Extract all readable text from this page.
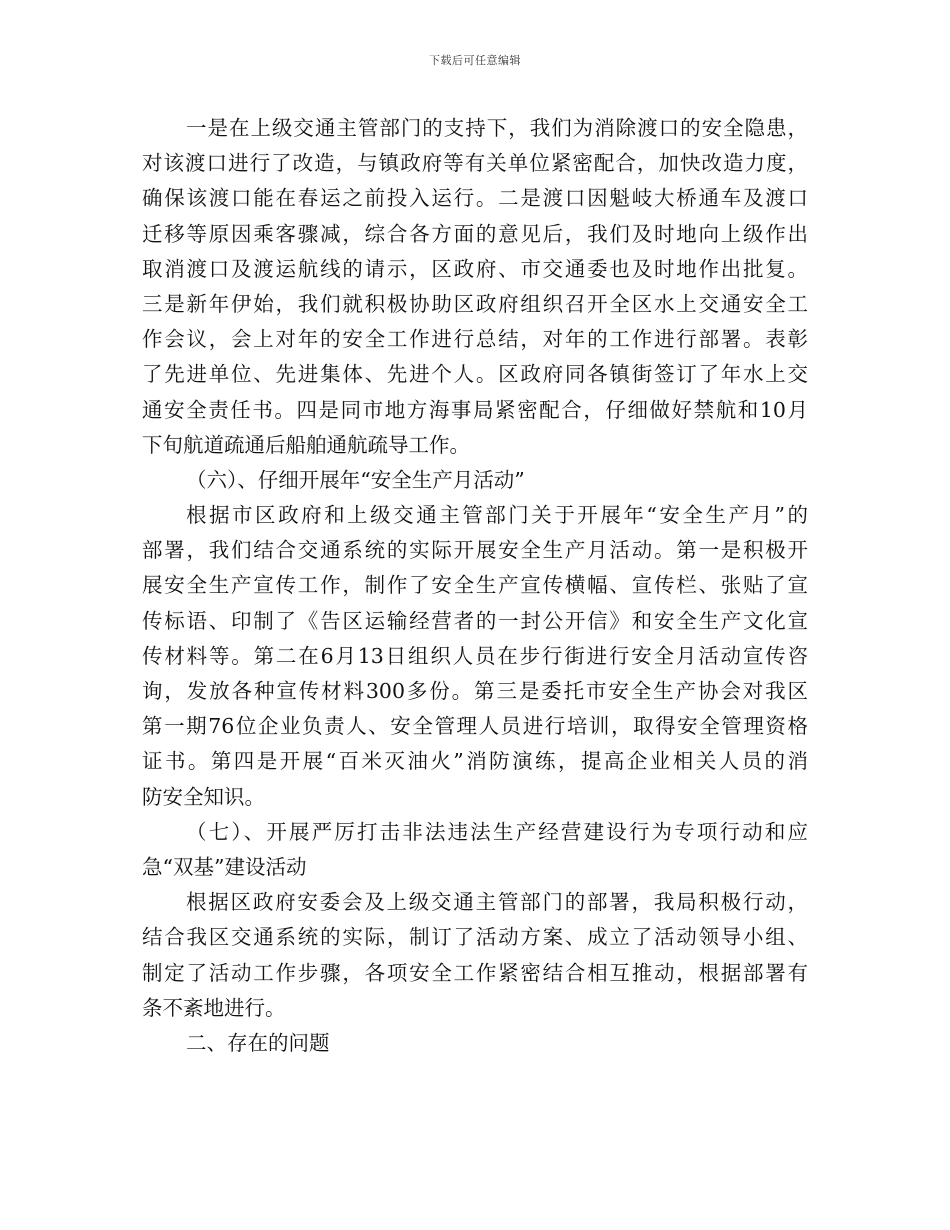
下载后可任意编辑
一是在上级交通主管部门的支持下，我们为消除渡口的安全隐患，
对该渡口进行了改造，与镇政府等有关单位紧密配合，加快改造力度，
确保该渡口能在春运之前投入运行。二是渡口因魁岐大桥通车及渡口
迁移等原因乘客骤减，综合各方面的意见后，我们及时地向上级作出
取消渡口及渡运航线的请示，区政府、市交通委也及时地作出批复。
三是新年伊始，我们就积极协助区政府组织召开全区水上交通安全工
作会议，会上对年的安全工作进行总结，对年的工作进行部署。表彰
了先进单位、先进集体、先进个人。区政府同各镇街签订了年水上交
通安全责任书。四是同市地方海事局紧密配合，仔细做好禁航和10月
下旬航道疏通后船舶通航疏导工作。
（六）、仔细开展年“安全生产月活动”
根据市区政府和上级交通主管部门关于开展年“安全生产月”的
部署，我们结合交通系统的实际开展安全生产月活动。第一是积极开
展安全生产宣传工作，制作了安全生产宣传横幅、宣传栏、张贴了宣
传标语、印制了《告区运输经营者的一封公开信》和安全生产文化宣
传材料等。第二在6月13日组织人员在步行街进行安全月活动宣传咨
询，发放各种宣传材料300多份。第三是委托市安全生产协会对我区
第一期76位企业负责人、安全管理人员进行培训，取得安全管理资格
证书。第四是开展“百米灭油火”消防演练，提高企业相关人员的消
防安全知识。
（七）、开展严厉打击非法违法生产经营建设行为专项行动和应
急“双基”建设活动
根据区政府安委会及上级交通主管部门的部署，我局积极行动，
结合我区交通系统的实际，制订了活动方案、成立了活动领导小组、
制定了活动工作步骤，各项安全工作紧密结合相互推动，根据部署有
条不紊地进行。
二、存在的问题
